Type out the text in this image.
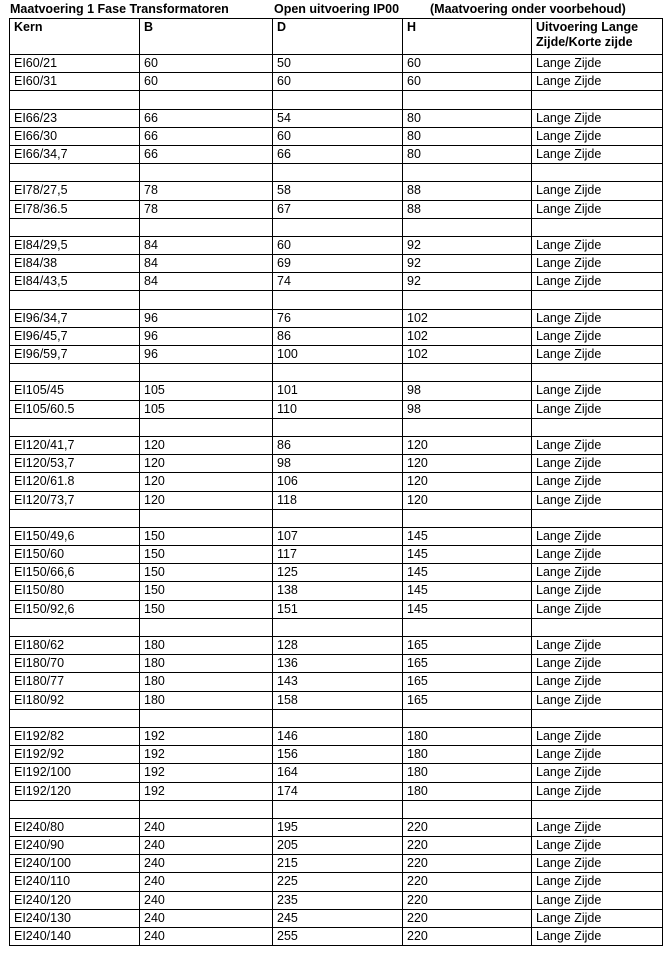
Maatvoering 1 Fase Transformatoren	Open uitvoering IP00 (Maatvoering onder voorbehoud)
Kern	B	D	H	Uitvoering Lange Zijde/Korte zijde
EI60/21	60	50	60	Lange Zijde
EI60/31	60	60	60	Lange Zijde

EI66/23	66	54	80	Lange Zijde
EI66/30	66	60	80	Lange Zijde
EI66/34,7	66	66	80	Lange Zijde

EI78/27,5	78	58	88	Lange Zijde
EI78/36.5	78	67	88	Lange Zijde

EI84/29,5	84	60	92	Lange Zijde
EI84/38	84	69	92	Lange Zijde
EI84/43,5	84	74	92	Lange Zijde

EI96/34,7	96	76	102	Lange Zijde
EI96/45,7	96	86	102	Lange Zijde
EI96/59,7	96	100	102	Lange Zijde

EI105/45	105	101	98	Lange Zijde
EI105/60.5	105	110	98	Lange Zijde

EI120/41,7	120	86	120	Lange Zijde
EI120/53,7	120	98	120	Lange Zijde
EI120/61.8	120	106	120	Lange Zijde
EI120/73,7	120	118	120	Lange Zijde

EI150/49,6	150	107	145	Lange Zijde
EI150/60	150	117	145	Lange Zijde
EI150/66,6	150	125	145	Lange Zijde
EI150/80	150	138	145	Lange Zijde
EI150/92,6	150	151	145	Lange Zijde

EI180/62	180	128	165	Lange Zijde
EI180/70	180	136	165	Lange Zijde
EI180/77	180	143	165	Lange Zijde
EI180/92	180	158	165	Lange Zijde

EI192/82	192	146	180	Lange Zijde
EI192/92	192	156	180	Lange Zijde
EI192/100	192	164	180	Lange Zijde
EI192/120	192	174	180	Lange Zijde

EI240/80	240	195	220	Lange Zijde
EI240/90	240	205	220	Lange Zijde
EI240/100	240	215	220	Lange Zijde
EI240/110	240	225	220	Lange Zijde
EI240/120	240	235	220	Lange Zijde
EI240/130	240	245	220	Lange Zijde
EI240/140	240	255	220	Lange Zijde
